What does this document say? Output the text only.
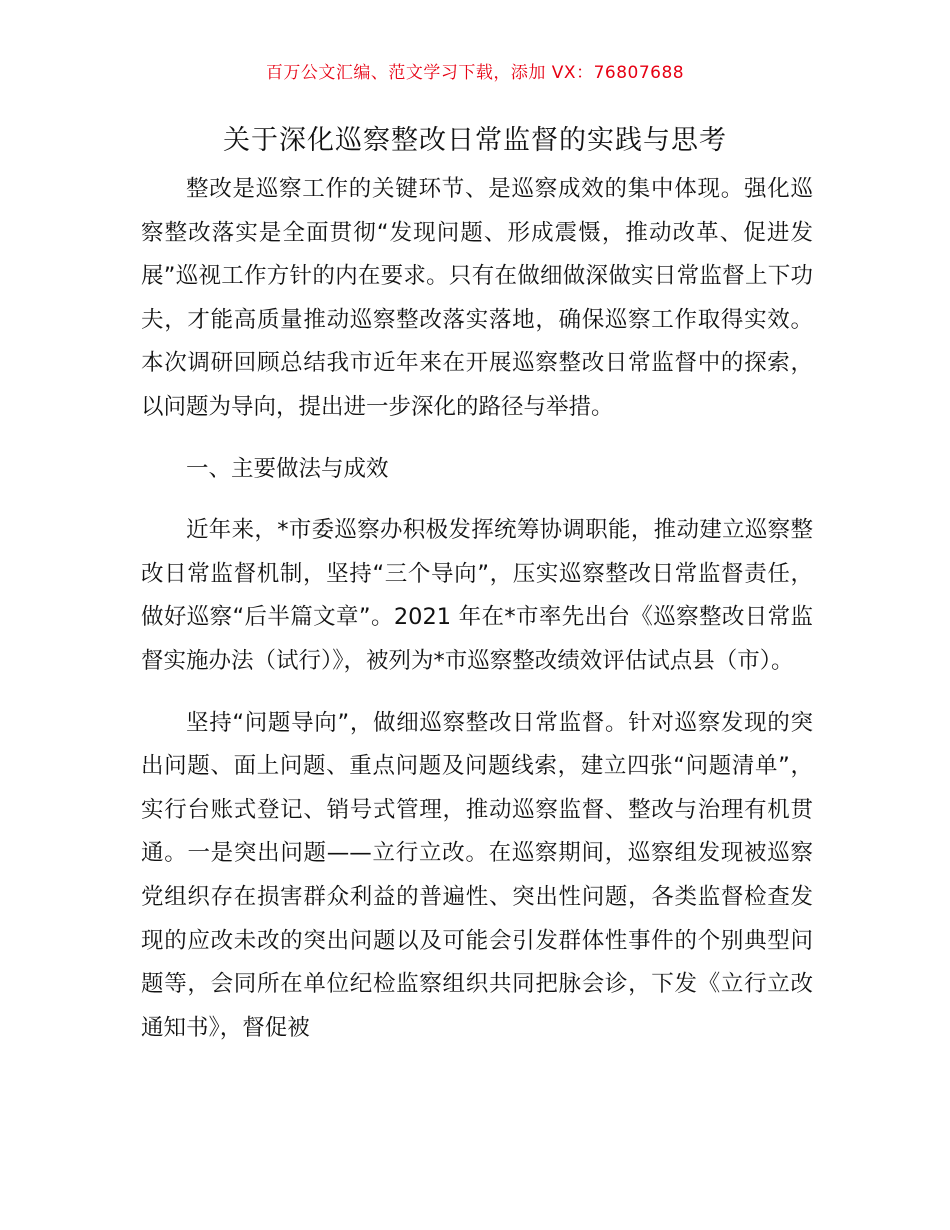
百万公文汇编、范文学习下载，添加 VX：76807688
关于深化巡察整改日常监督的实践与思考

整改是巡察工作的关键环节、是巡察成效的集中体现。强化巡察整改落实是全面贯彻“发现问题、形成震慑，推动改革、促进发展”巡视工作方针的内在要求。只有在做细做深做实日常监督上下功夫，才能高质量推动巡察整改落实落地，确保巡察工作取得实效。本次调研回顾总结我市近年来在开展巡察整改日常监督中的探索，以问题为导向，提出进一步深化的路径与举措。

一、主要做法与成效

近年来，*市委巡察办积极发挥统筹协调职能，推动建立巡察整改日常监督机制，坚持“三个导向”，压实巡察整改日常监督责任，做好巡察“后半篇文章”。2021 年在*市率先出台《巡察整改日常监督实施办法（试行）》，被列为*市巡察整改绩效评估试点县（市）。

坚持“问题导向”，做细巡察整改日常监督。针对巡察发现的突出问题、面上问题、重点问题及问题线索，建立四张“问题清单”，实行台账式登记、销号式管理，推动巡察监督、整改与治理有机贯通。一是突出问题——立行立改。在巡察期间，巡察组发现被巡察党组织存在损害群众利益的普遍性、突出性问题，各类监督检查发现的应改未改的突出问题以及可能会引发群体性事件的个别典型问题等，会同所在单位纪检监察组织共同把脉会诊，下发《立行立改通知书》，督促被
